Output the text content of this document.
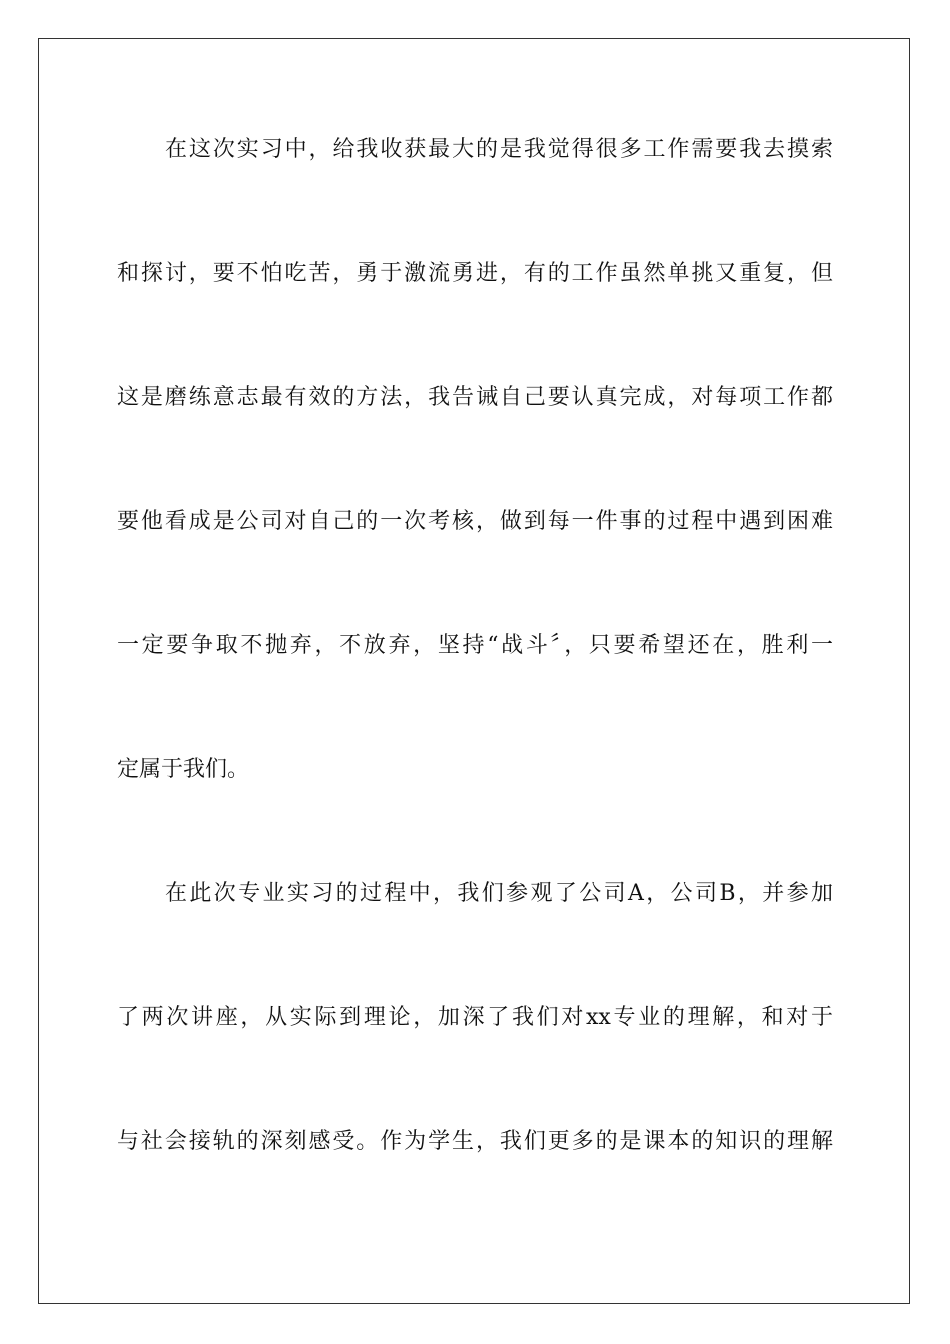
在这次实习中，给我收获最大的是我觉得很多工作需要我去摸索
和探讨，要不怕吃苦，勇于激流勇进，有的工作虽然单挑又重复，但
这是磨练意志最有效的方法，我告诫自己要认真完成，对每项工作都
要他看成是公司对自己的一次考核，做到每一件事的过程中遇到困难
一定要争取不抛弃，不放弃，坚持“战斗〞，只要希望还在，胜利一
定属于我们。
在此次专业实习的过程中，我们参观了公司A，公司B，并参加
了两次讲座，从实际到理论，加深了我们对xx专业的理解，和对于
与社会接轨的深刻感受。作为学生，我们更多的是课本的知识的理解
